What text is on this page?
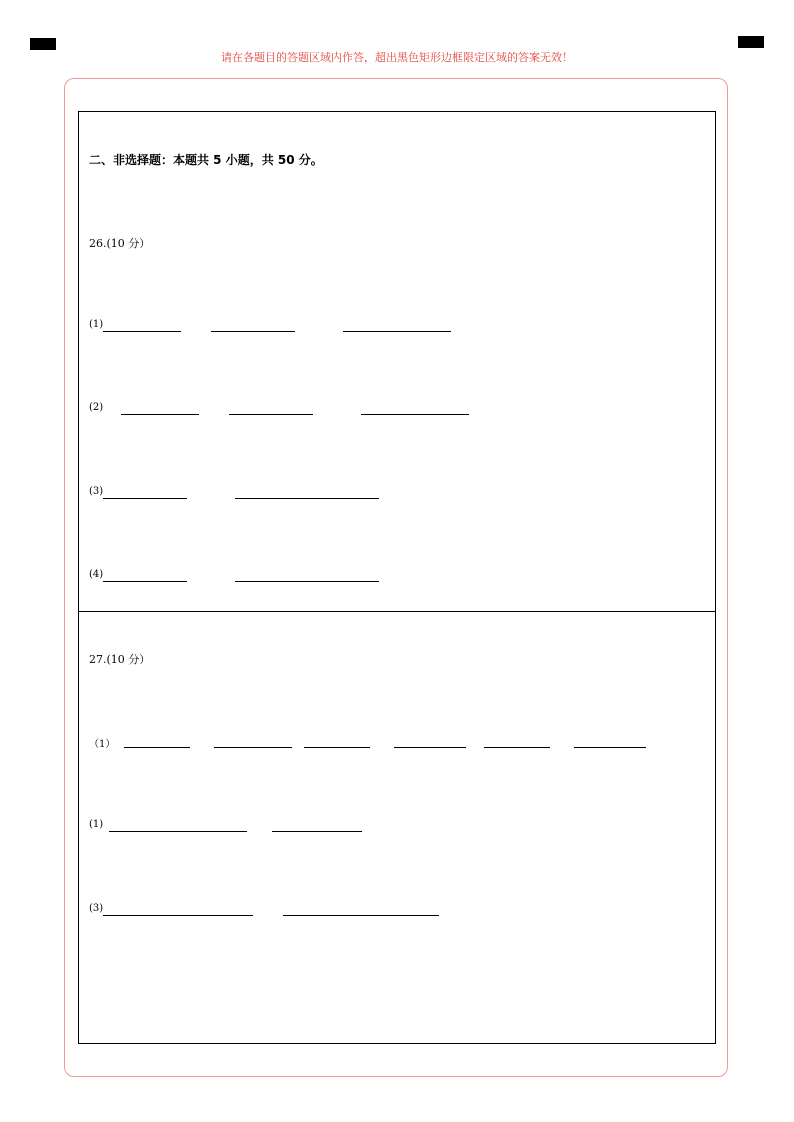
请在各题目的答题区域内作答，超出黑色矩形边框限定区域的答案无效！
二、非选择题：本题共 5 小题，共 50 分。
26.(10 分）
(1)
(2)
(3)
(4)
27.(10 分）
（1）
(1)
(3)
